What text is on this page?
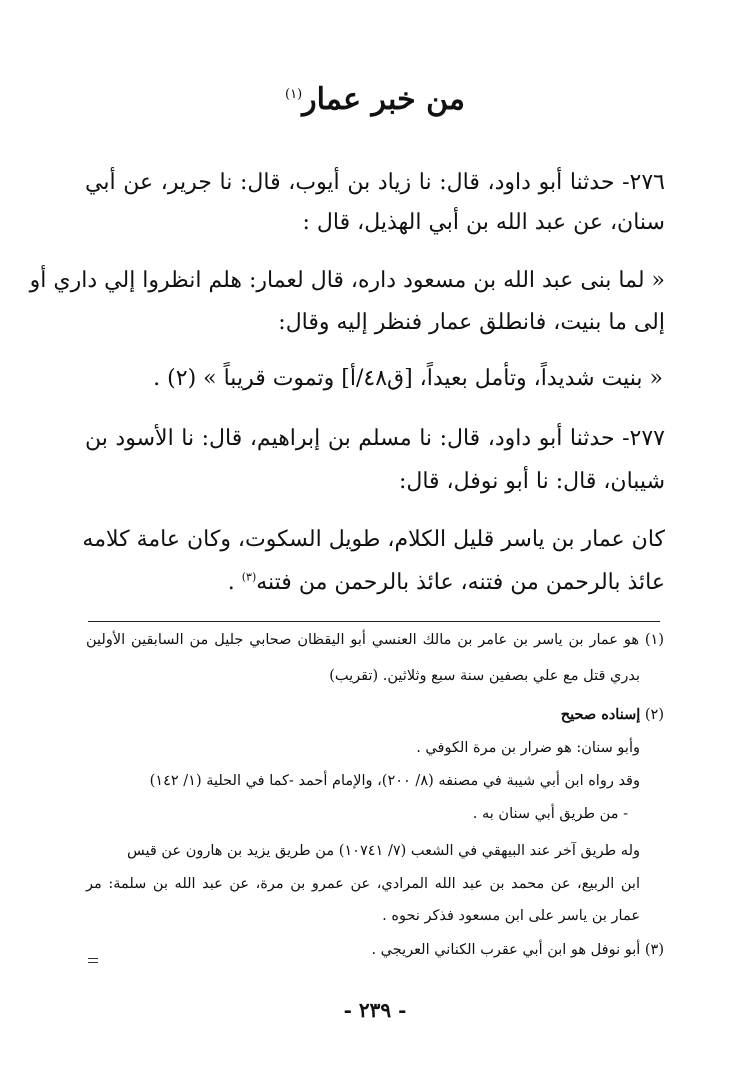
من خبر عمار$^{(١)}$
٢٧٦- حدثنا أبو داود، قال: نا زياد بن أيوب، قال: نا جرير، عن أبي
سنان، عن عبد الله بن أبي الهذيل، قال :
« لما بنى عبد الله بن مسعود داره، قال لعمار: هلم انظروا إلي داري أو
إلى ما بنيت، فانطلق عمار فنظر إليه وقال:
« بنيت شديداً، وتأمل بعيداً، [ق٤٨/أ] وتموت قريباً » (٢) .
٢٧٧- حدثنا أبو داود، قال: نا مسلم بن إبراهيم، قال: نا الأسود بن
شيبان، قال: نا أبو نوفل، قال:
كان عمار بن ياسر قليل الكلام، طويل السكوت، وكان عامة كلامه
عائذ بالرحمن من فتنه، عائذ بالرحمن من فتنه$^{(٣)}$ .
(١) هو عمار بن ياسر بن عامر بن مالك العنسي أبو اليقظان صحابي جليل من السابقين الأولين
بدري قتل مع علي بصفين سنة سبع وثلاثين. (تقريب)
(٢) إسناده صحيح
وأبو سنان: هو ضرار بن مرة الكوفي .
وقد رواه ابن أبي شيبة في مصنفه (٨/ ٢٠٠)، والإمام أحمد -كما في الحلية (١/ ١٤٢)
- من طريق أبي سنان به .
وله طريق آخر عند البيهقي في الشعب (٧/ ١٠٧٤١) من طريق يزيد بن هارون عن قيس
ابن الربيع، عن محمد بن عبد الله المرادي، عن عمرو بن مرة، عن عبد الله بن سلمة: مر
عمار بن ياسر على ابن مسعود فذكر نحوه .
(٣) أبو نوفل هو ابن أبي عقرب الكناني العريجي .
- ٢٣٩ -
